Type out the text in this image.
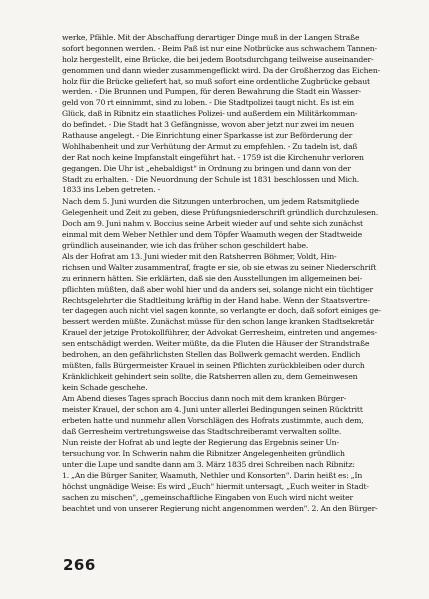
werke, Pfähle. Mit der Abschaffung derartiger Dinge muß in der Langen Straße
sofort begonnen werden. - Beim Paß ist nur eine Notbrücke aus schwachem Tannen-
holz hergestellt, eine Brücke, die bei jedem Bootsdurchgang teilweise auseinander-
genommen und dann wieder zusammengeflickt wird. Da der Großherzog das Eichen-
holz für die Brücke geliefert hat, so muß sofort eine ordentliche Zugbrücke gebaut
werden. - Die Brunnen und Pumpen, für deren Bewahrung die Stadt ein Wasser-
geld von 70 rt einnimmt, sind zu loben. - Die Stadtpolizei taugt nicht. Es ist ein
Glück, daß in Ribnitz ein staatliches Polizei- und außerdem ein Militärkomman-
do befindet. - Die Stadt hat 3 Gefängnisse, wovon aber jetzt nur zwei im neuen
Rathause angelegt. - Die Einrichtung einer Sparkasse ist zur Beförderung der
Wohlhabenheit und zur Verhütung der Armut zu empfehlen. - Zu tadeln ist, daß
der Rat noch keine Impfanstalt eingeführt hat. - 1759 ist die Kirchenuhr verloren
gegangen. Die Uhr ist „ehebaldigst" in Ordnung zu bringen und dann von der
Stadt zu erhalten. - Die Neuordnung der Schule ist 1831 beschlossen und Mich.
1833 ins Leben getreten. -
Nach dem 5. Juni wurden die Sitzungen unterbrochen, um jedem Ratsmitgliede
Gelegenheit und Zeit zu geben, diese Prüfungsniederschrift gründlich durchzulesen.
Doch am 9. Juni nahm v. Boccius seine Arbeit wieder auf und sehte sich zunächst
einmal mit dem Weber Nethler und dem Töpfer Waamuth wegen der Stadtweide
gründlich auseinander, wie ich das früher schon geschildert habe.
Als der Hofrat am 13. Juni wieder mit den Ratsherren Böhmer, Voldt, Hin-
richsen und Walter zusammentraf, fragte er sie, ob sie etwas zu seiner Niederschrift
zu erinnern hätten. Sie erklärten, daß sie den Ausstellungen im allgemeinen bei-
pflichten müßten, daß aber wohl hier und da anders sei, solange nicht ein tüchtiger
Rechtsgelehrter die Stadtleitung kräftig in der Hand habe. Wenn der Staatsvertre-
ter dagegen auch nicht viel sagen konnte, so verlangte er doch, daß sofort einiges ge-
bessert werden müßte. Zunächst müsse für den schon lange kranken Stadtsekretär
Krauel der jetzige Protokollführer, der Advokat Gerresheim, eintreten und angemes-
sen entschädigt werden. Weiter müßte, da die Fluten die Häuser der Strandstraße
bedrohen, an den gefährlichsten Stellen das Bollwerk gemacht werden. Endlich
müßten, falls Bürgermeister Krauel in seinen Pflichten zurückbleiben oder durch
Kränklichkeit gehindert sein sollte, die Ratsherren allen zu, dem Gemeinwesen
kein Schade geschehe.
Am Abend dieses Tages sprach Boccius dann noch mit dem kranken Bürger-
meister Krauel, der schon am 4. Juni unter allerlei Bedingungen seinen Rücktritt
erbeten hatte und nunmehr allen Vorschlägen des Hofrats zustimmte, auch dem,
daß Gerresheim vertretungsweise das Stadtschreiberamt verwalten sollte.
Nun reiste der Hofrat ab und legte der Regierung das Ergebnis seiner Un-
tersuchung vor. In Schwerin nahm die Ribnitzer Angelegenheiten gründlich
unter die Lupe und sandte dann am 3. März 1835 drei Schreiben nach Ribnitz:
1. „An die Bürger Saniter, Waamuth, Nethler und Konsorten". Darin heißt es: „In
höchst ungnädige Weise: Es wird „Euch" hiermit untersagt, „Euch weiter in Stadt-
sachen zu mischen", „gemeinschaftliche Eingaben von Euch wird nicht weiter
beachtet und von unserer Regierung nicht angenommen werden". 2. An den Bürger-
266
